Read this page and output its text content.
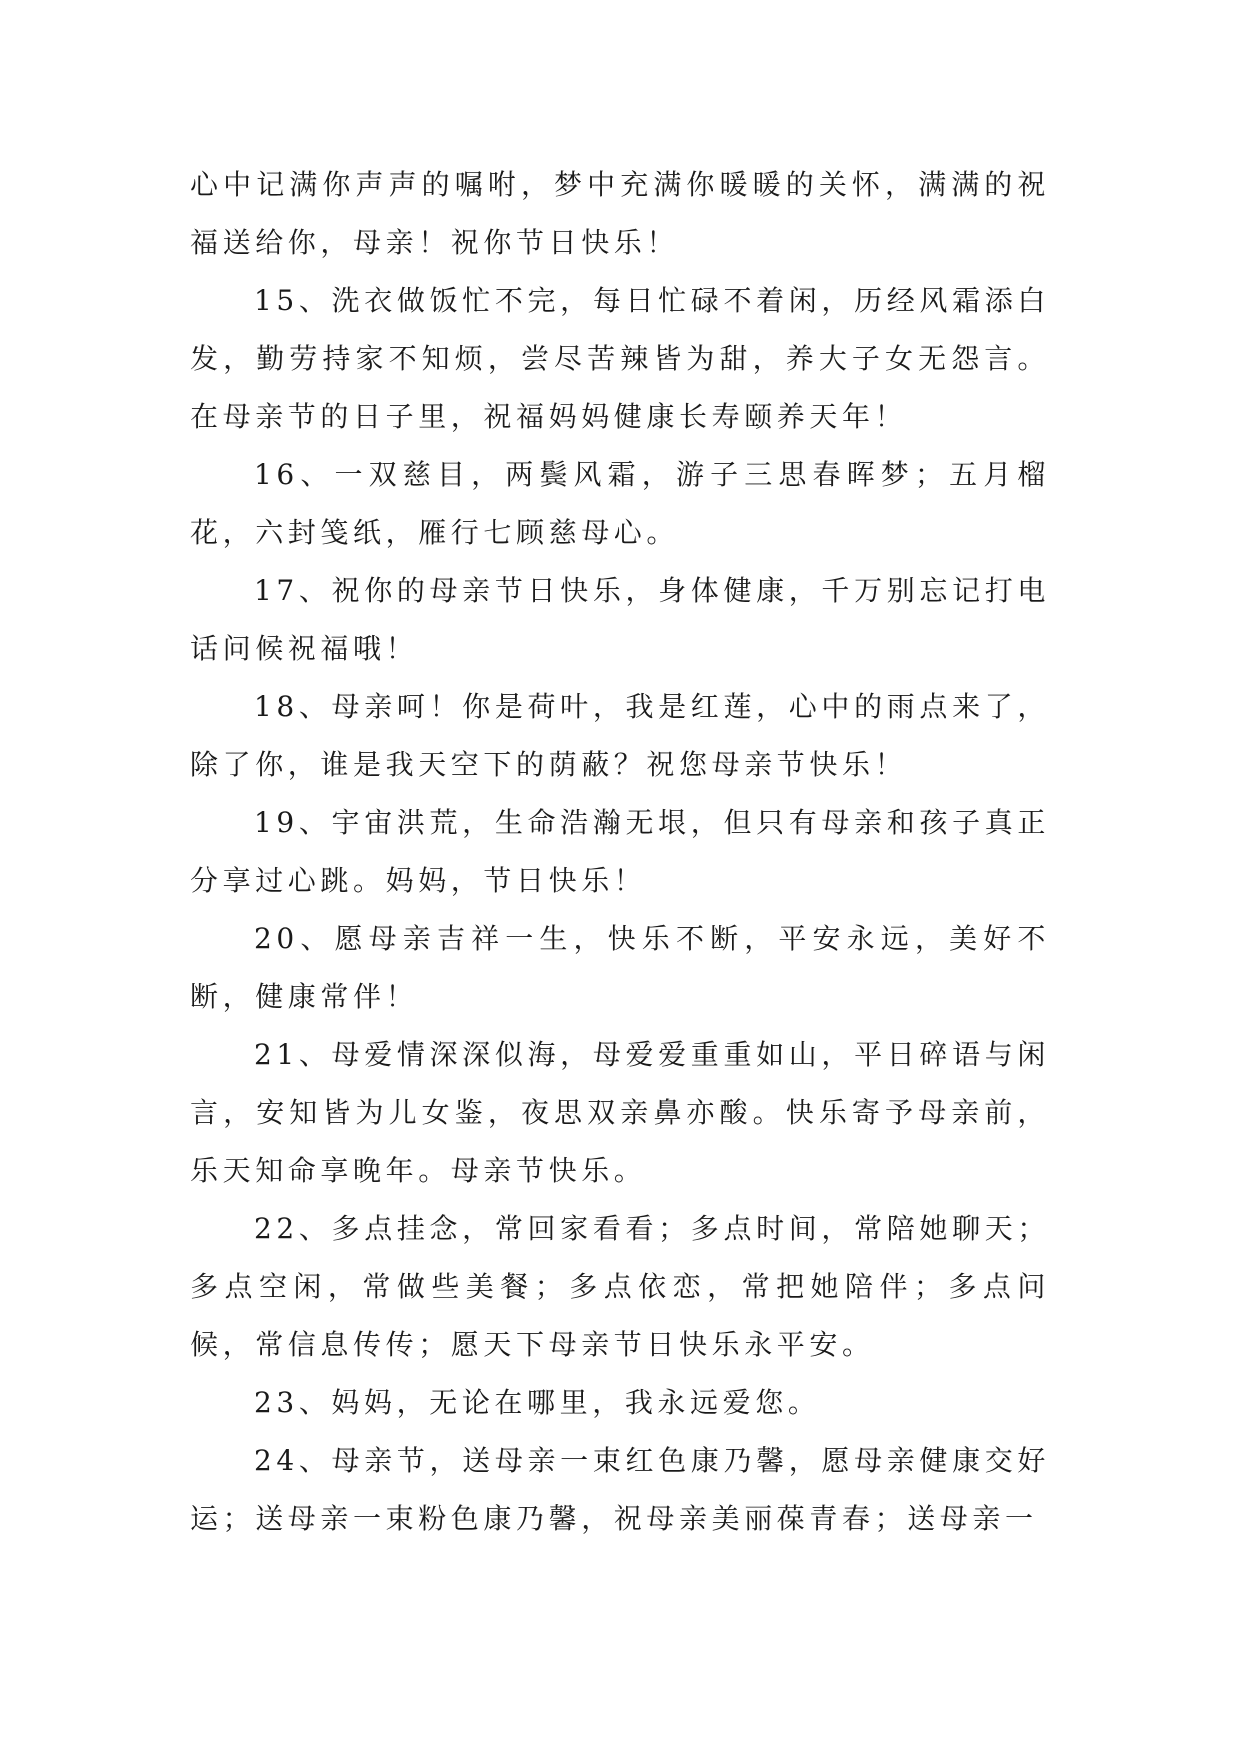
心中记满你声声的嘱咐，梦中充满你暖暖的关怀，满满的祝福送给你，母亲！祝你节日快乐！

15、洗衣做饭忙不完，每日忙碌不着闲，历经风霜添白发，勤劳持家不知烦，尝尽苦辣皆为甜，养大子女无怨言。在母亲节的日子里，祝福妈妈健康长寿颐养天年！

16、一双慈目，两鬓风霜，游子三思春晖梦；五月榴花，六封笺纸，雁行七顾慈母心。

17、祝你的母亲节日快乐，身体健康，千万别忘记打电话问候祝福哦！

18、母亲呵！你是荷叶，我是红莲，心中的雨点来了，除了你，谁是我天空下的荫蔽？祝您母亲节快乐！

19、宇宙洪荒，生命浩瀚无垠，但只有母亲和孩子真正分享过心跳。妈妈，节日快乐！

20、愿母亲吉祥一生，快乐不断，平安永远，美好不断，健康常伴！

21、母爱情深深似海，母爱爱重重如山，平日碎语与闲言，安知皆为儿女鉴，夜思双亲鼻亦酸。快乐寄予母亲前，乐天知命享晚年。母亲节快乐。

22、多点挂念，常回家看看；多点时间，常陪她聊天；多点空闲，常做些美餐；多点依恋，常把她陪伴；多点问候，常信息传传；愿天下母亲节日快乐永平安。

23、妈妈，无论在哪里，我永远爱您。

24、母亲节，送母亲一束红色康乃馨，愿母亲健康交好运；送母亲一束粉色康乃馨，祝母亲美丽葆青春；送母亲一
